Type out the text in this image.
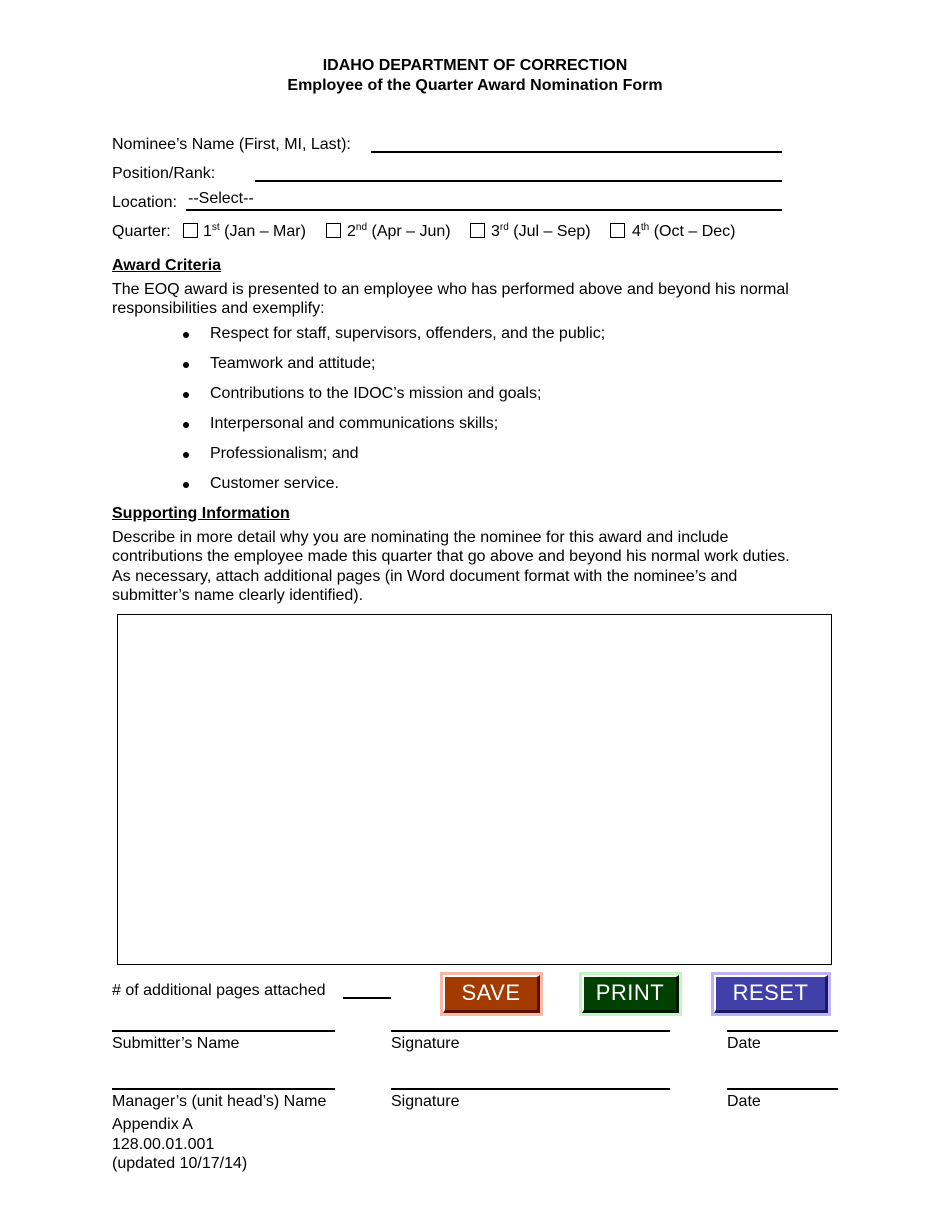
IDAHO DEPARTMENT OF CORRECTION
Employee of the Quarter Award Nomination Form
Nominee’s Name (First, MI, Last):
Position/Rank:
Location: --Select--
Quarter: 1st (Jan – Mar)	2nd (Apr – Jun)	3rd (Jul – Sep)	4th (Oct – Dec)
Award Criteria
The EOQ award is presented to an employee who has performed above and beyond his normal
responsibilities and exemplify:
Respect for staff, supervisors, offenders, and the public;
Teamwork and attitude;
Contributions to the IDOC’s mission and goals;
Interpersonal and communications skills;
Professionalism; and
Customer service.
Supporting Information
Describe in more detail why you are nominating the nominee for this award and include
contributions the employee made this quarter that go above and beyond his normal work duties.
As necessary, attach additional pages (in Word document format with the nominee’s and
submitter’s name clearly identified).
# of additional pages attached	SAVE	PRINT	RESET
Submitter’s Name	Signature	Date
Manager’s (unit head’s) Name	Signature	Date
Appendix A
128.00.01.001
(updated 10/17/14)
